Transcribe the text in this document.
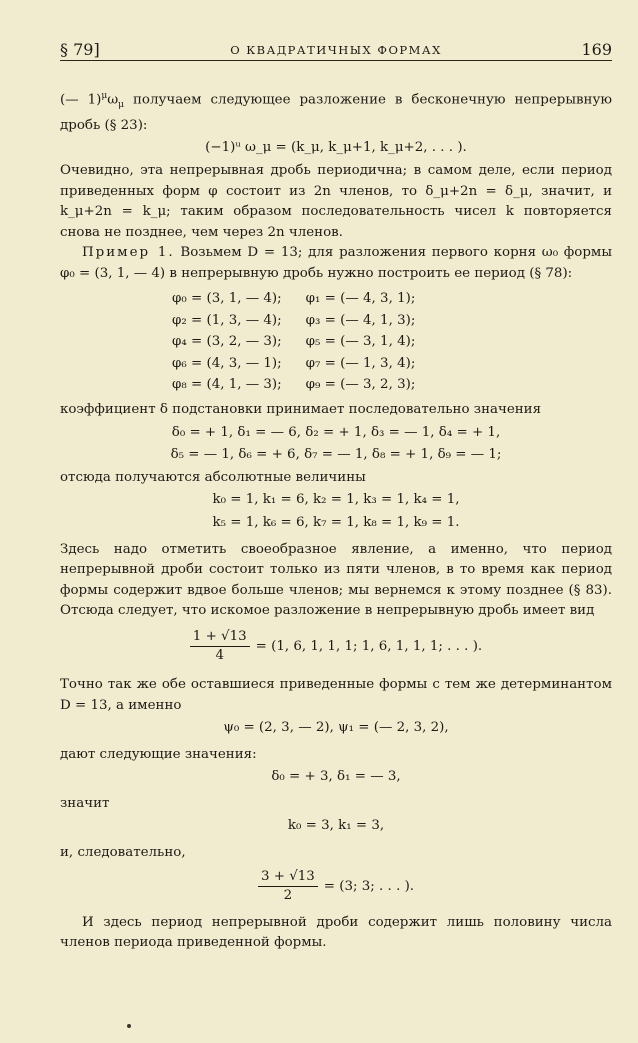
§ 79]	О КВАДРАТИЧНЫХ ФОРМАХ	169

(— $1)^\mu\omega_\mu$ получаем следующее разложение в бесконечную непрерывную дробь (§ 23):

(−1)ᵘ ω_μ = (k_μ, k_μ+1, k_μ+2, . . . ).

Очевидно, эта непрерывная дробь периодична; в самом деле, если период приведенных форм φ состоит из 2n членов, то δ_μ+2n = δ_μ, значит, и k_μ+2n = k_μ; таким образом последовательность чисел k повторяется снова не позднее, чем через 2n членов.

Пример 1. Возьмем D = 13; для разложения первого корня ω₀ формы φ₀ = (3, 1, — 4) в непрерывную дробь нужно построить ее период (§ 78):

φ₀ = (3, 1, — 4);	φ₁ = (— 4, 3, 1);
φ₂ = (1, 3, — 4);	φ₃ = (— 4, 1, 3);
φ₄ = (3, 2, — 3);	φ₅ = (— 3, 1, 4);
φ₆ = (4, 3, — 1);	φ₇ = (— 1, 3, 4);
φ₈ = (4, 1, — 3);	φ₉ = (— 3, 2, 3);

коэффициент δ подстановки принимает последовательно значения

δ₀ = + 1, δ₁ = — 6, δ₂ = + 1, δ₃ = — 1, δ₄ = + 1,
δ₅ = — 1, δ₆ = + 6, δ₇ = — 1, δ₈ = + 1, δ₉ = — 1;

отсюда получаются абсолютные величины

k₀ = 1, k₁ = 6, k₂ = 1, k₃ = 1, k₄ = 1,
k₅ = 1, k₆ = 6, k₇ = 1, k₈ = 1, k₉ = 1.

Здесь надо отметить своеобразное явление, а именно, что период непрерывной дроби состоит только из пяти членов, в то время как период формы содержит вдвое больше членов; мы вернемся к этому позднее (§ 83). Отсюда следует, что искомое разложение в непрерывную дробь имеет вид

$\frac{1 + √13}{4} = (1$, 6, 1, 1, 1; 1, 6, 1, 1, 1; . . . ).

Точно так же обе оставшиеся приведенные формы с тем же детерминантом D = 13, а именно

ψ₀ = (2, 3, — 2), ψ₁ = (— 2, 3, 2),

дают следующие значения:

δ₀ = + 3, δ₁ = — 3,

значит

k₀ = 3, k₁ = 3,

и, следовательно,

$\frac{3 + √13}{2} = (3$; 3; . . . ).

И здесь период непрерывной дроби содержит лишь половину числа членов периода приведенной формы.
